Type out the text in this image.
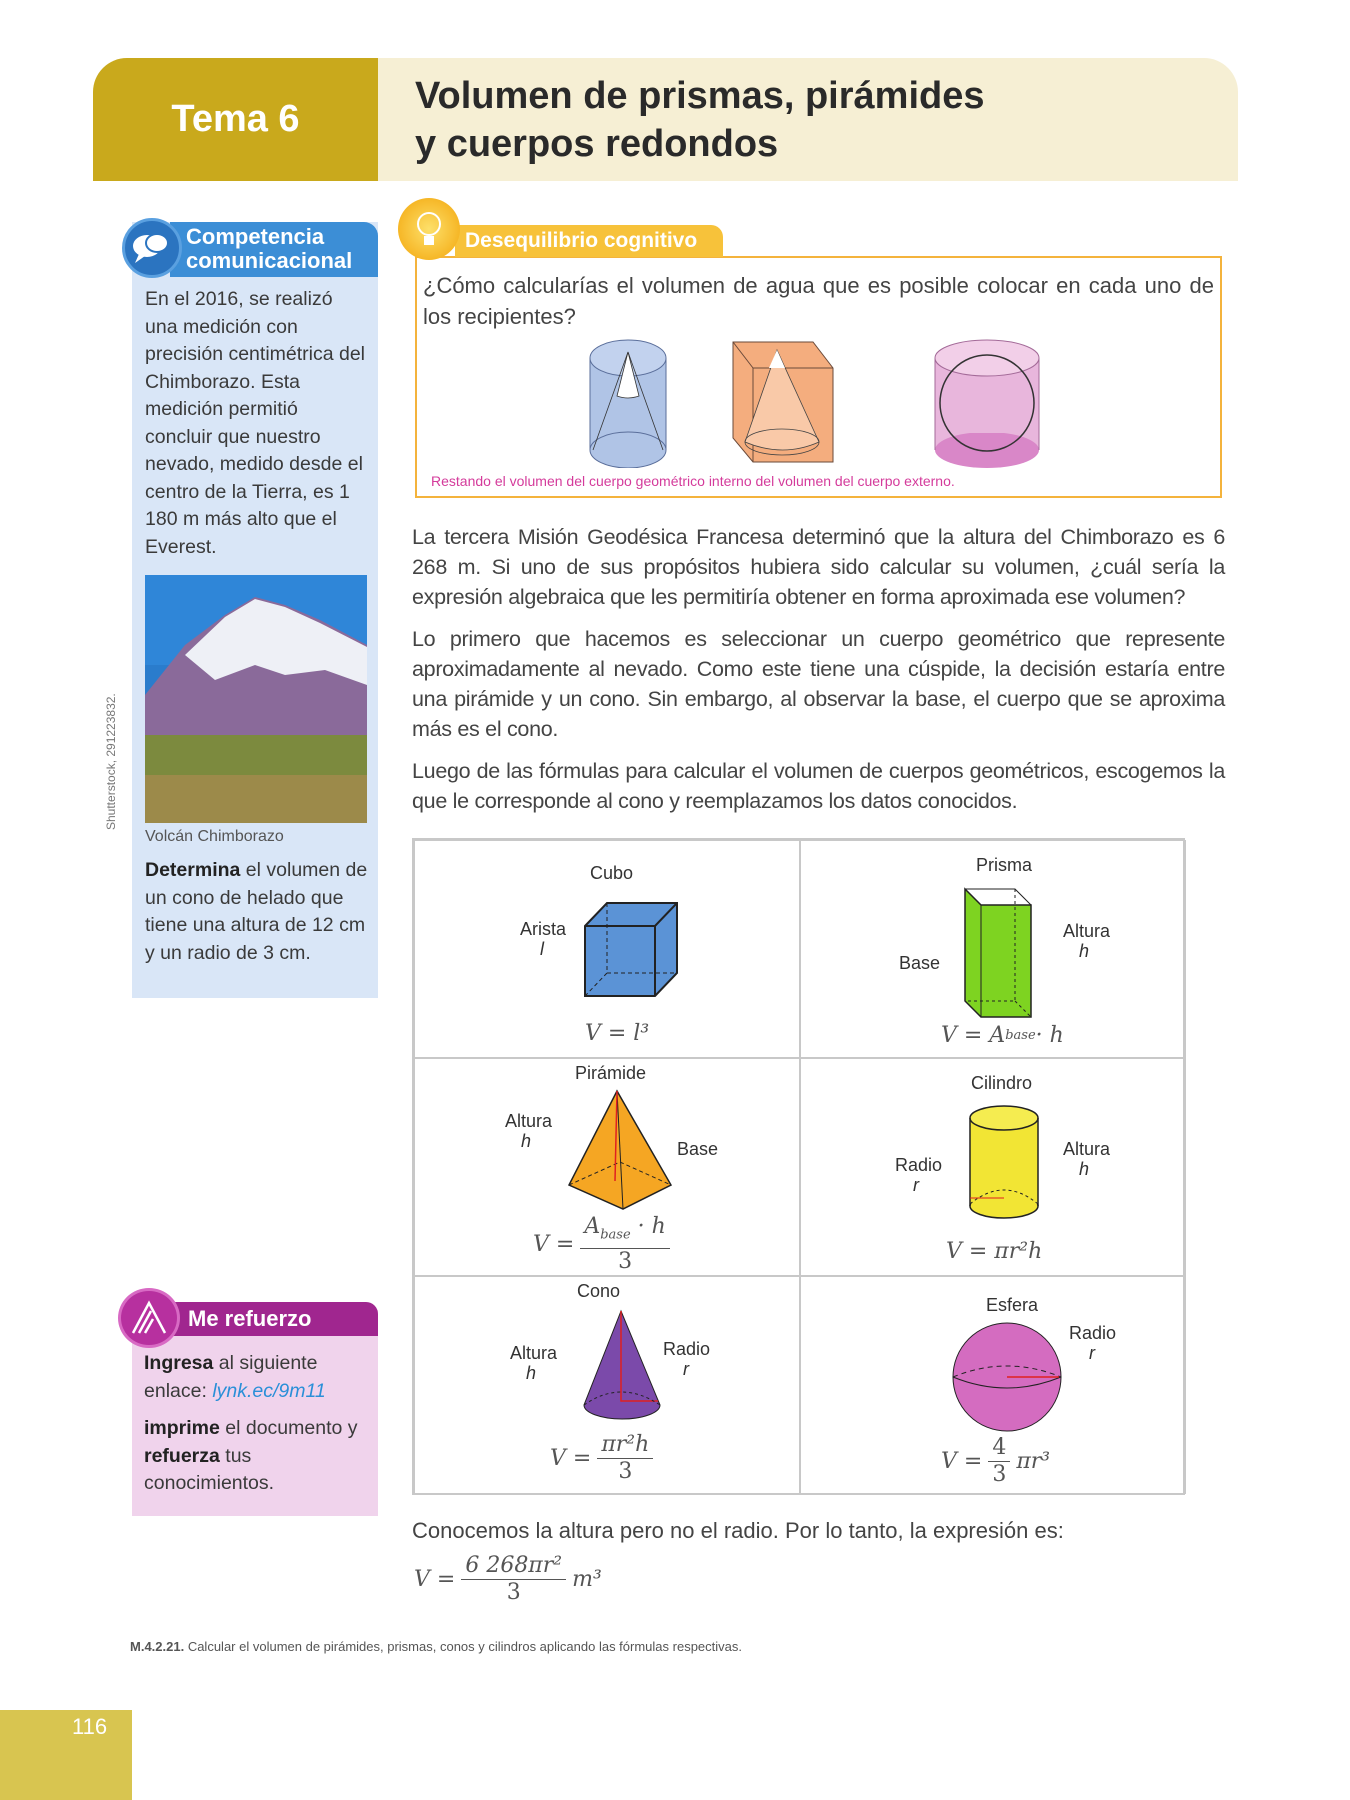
Tema 6
Volumen de prismas, pirámides
y cuerpos redondos
En el 2016, se realizó una medición con precisión centimétrica del Chimborazo. Esta medición permitió concluir que nuestro nevado, medido desde el centro de la Tierra, es 1 180 m más alto que el Everest.
Volcán Chimborazo
Determina el volumen de un cono de helado que tiene una altura de 12 cm y un radio de 3 cm.
Competencia
comunicacional
Shutterstock, 291223832.
Ingresa al siguiente enlace: lynk.ec/9m11
imprime el documento y refuerza tus conocimientos.
Me refuerzo
Desequilibrio cognitivo
¿Cómo calcularías el volumen de agua que es posible colocar en cada uno de los recipientes?
Restando el volumen del cuerpo geométrico interno del volumen del cuerpo externo.
La tercera Misión Geodésica Francesa determinó que la altura del Chimborazo es 6 268 m. Si uno de sus propósitos hubiera sido calcular su volumen, ¿cuál sería la expresión algebraica que les permitiría obtener en forma aproximada ese volumen?
Lo primero que hacemos es seleccionar un cuerpo geométrico que represente aproximadamente al nevado. Como este tiene una cúspide, la decisión estaría entre una pirámide y un cono. Sin embargo, al observar la base, el cuerpo que se aproxima más es el cono.
Luego de las fórmulas para calcular el volumen de cuerpos geométricos, escogemos la que le corresponde al cono y reemplazamos los datos conocidos.
Cubo
Arista
l
V = l³
Prisma
Base
Altura
h
V = A base · h
Pirámide
Altura
h	Base
$V = \frac{A_{base} \cdot h}{3}$
Cilindro
Radio
r
Altura
h
V = πr²h
Altura
h
Cono
Radio
r
$V = \frac{\text{πr²h}}{3}$
Esfera
Radio
r
$V = \frac{4}{3} \pi r^3$
Conocemos la altura pero no el radio. Por lo tanto, la expresión es:
$V = \frac{\text{6 268πr²}}{3} m^3$
M.4.2.21. Calcular el volumen de pirámides, prismas, conos y cilindros aplicando las fórmulas respectivas.
116
